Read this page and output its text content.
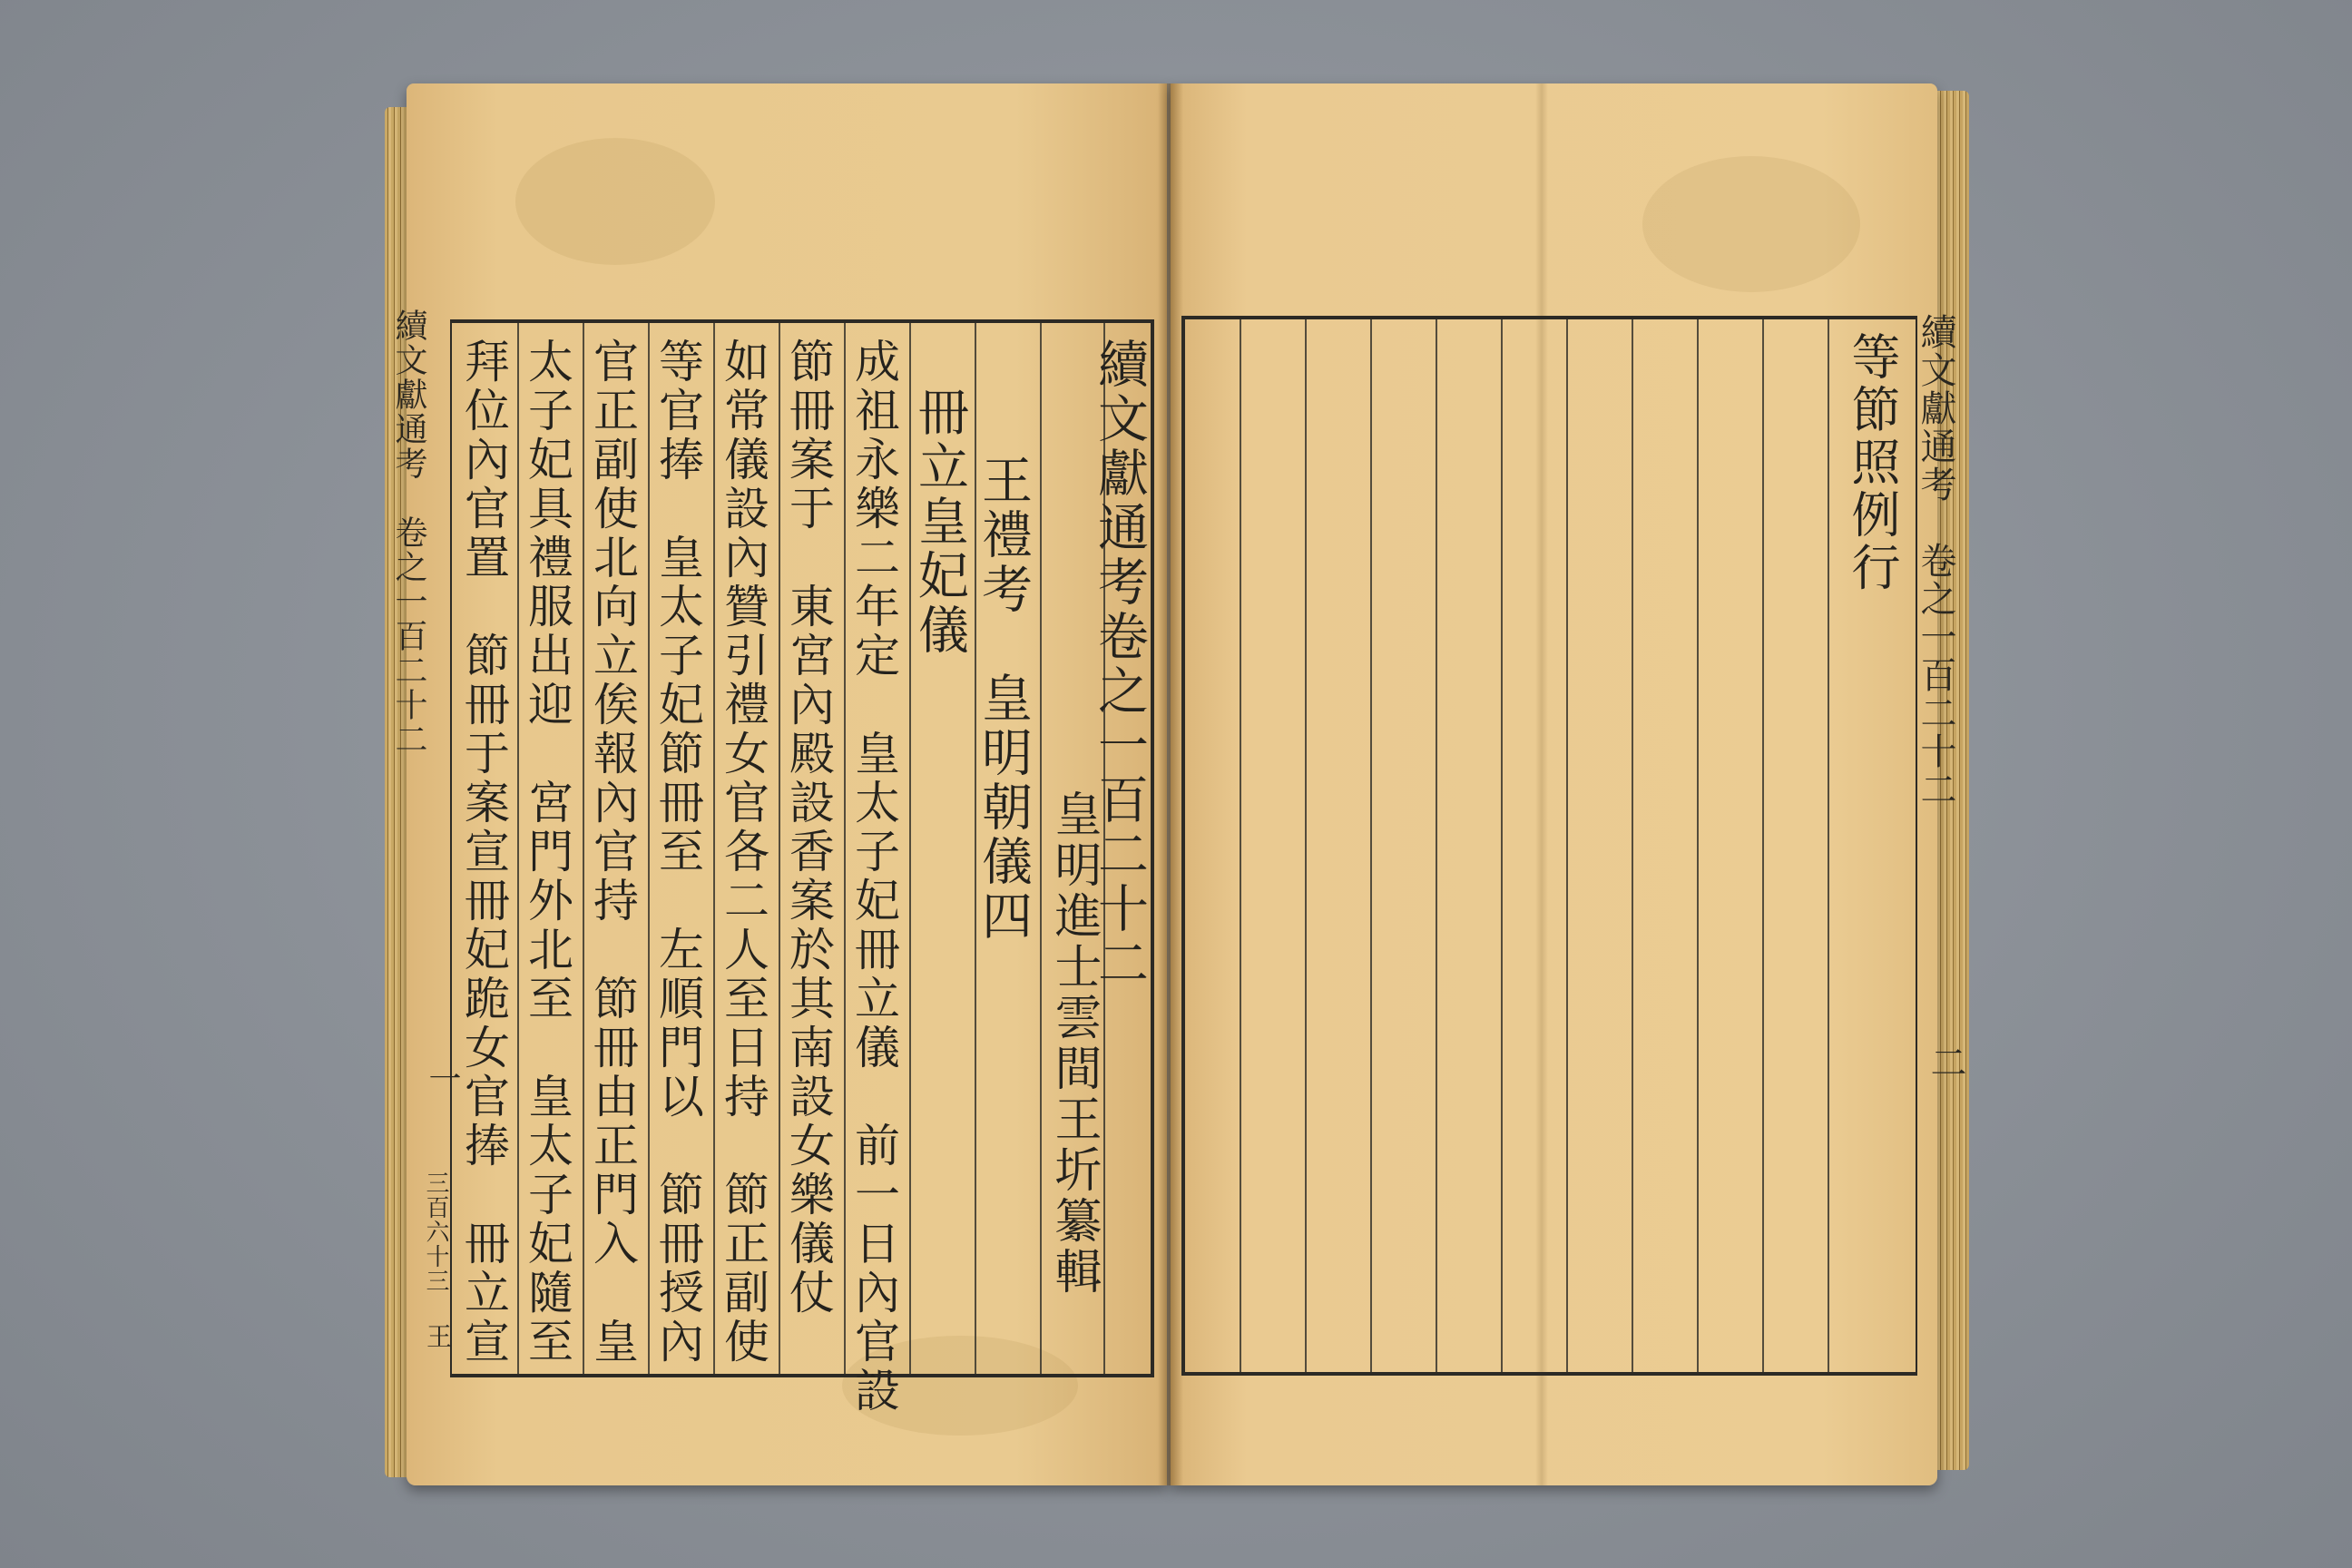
續文獻通考卷之一百二十二
皇明進士雲間王圻纂輯
王禮考　皇明朝儀四
冊立皇妃儀
成祖永樂二年定　皇太子妃冊立儀　前一日內官設
節冊案于　東宮內殿設香案於其南設女樂儀仗
如常儀設內贊引禮女官各二人至日持　節正副使
等官捧　皇太子妃節冊至　左順門以　節冊授內
官正副使北向立俟報內官持　節冊由正門入　皇
太子妃具禮服出迎　宮門外北至　皇太子妃隨至
拜位內官置　節冊于案宣冊妃跪女官捧　冊立宣
續文獻通考　卷之一百二十二
一
三百六十三
王
等節照例行 續文獻通考　卷之一百二十二
二
